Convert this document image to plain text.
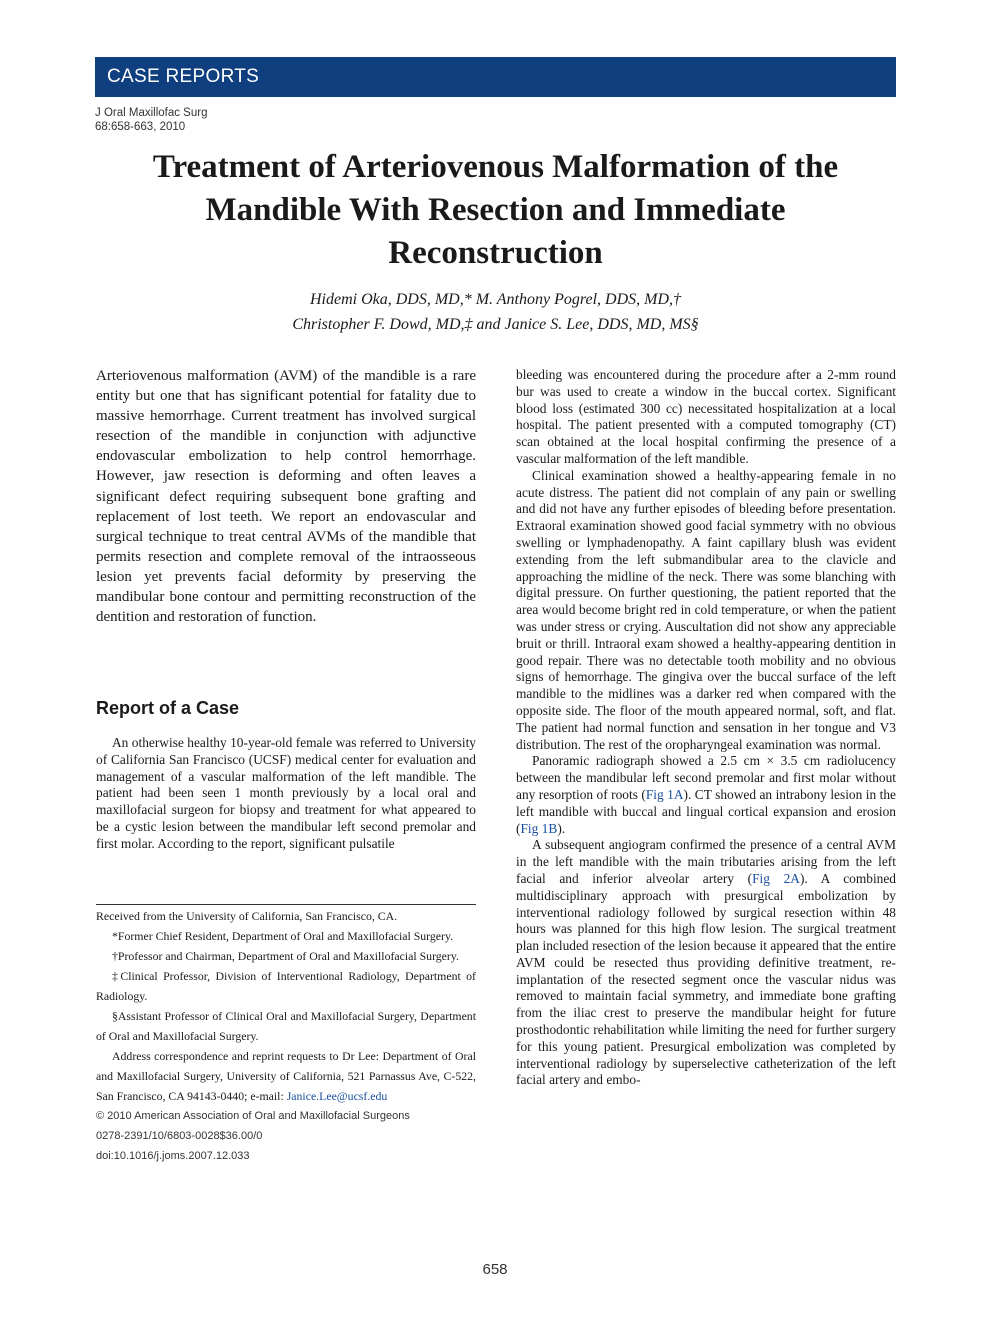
CASE REPORTS
J Oral Maxillofac Surg
68:658-663, 2010
Treatment of Arteriovenous Malformation of the Mandible With Resection and Immediate Reconstruction
Hidemi Oka, DDS, MD,* M. Anthony Pogrel, DDS, MD,†
Christopher F. Dowd, MD,‡ and Janice S. Lee, DDS, MD, MS§

Arteriovenous malformation (AVM) of the mandible is a rare entity but one that has significant potential for fatality due to massive hemorrhage. Current treatment has involved surgical resection of the mandible in conjunction with adjunctive endovascular embolization to help control hemorrhage. However, jaw resection is deforming and often leaves a significant defect requiring subsequent bone grafting and replacement of lost teeth. We report an endovascular and surgical technique to treat central AVMs of the mandible that permits resection and complete removal of the intraosseous lesion yet prevents facial deformity by preserving the mandibular bone contour and permitting reconstruction of the dentition and restoration of function.

Report of a Case

An otherwise healthy 10-year-old female was referred to University of California San Francisco (UCSF) medical center for evaluation and management of a vascular malformation of the left mandible. The patient had been seen 1 month previously by a local oral and maxillofacial surgeon for biopsy and treatment for what appeared to be a cystic lesion between the mandibular left second premolar and first molar. According to the report, significant pulsatile

Received from the University of California, San Francisco, CA.

*Former Chief Resident, Department of Oral and Maxillofacial Surgery.

†Professor and Chairman, Department of Oral and Maxillofacial Surgery.

‡Clinical Professor, Division of Interventional Radiology, Department of Radiology.

§Assistant Professor of Clinical Oral and Maxillofacial Surgery, Department of Oral and Maxillofacial Surgery.

Address correspondence and reprint requests to Dr Lee: Department of Oral and Maxillofacial Surgery, University of California, 521 Parnassus Ave, C-522, San Francisco, CA 94143-0440; e-mail: Janice.Lee@ucsf.edu

© 2010 American Association of Oral and Maxillofacial Surgeons

0278-2391/10/6803-0028$36.00/0

doi:10.1016/j.joms.2007.12.033

bleeding was encountered during the procedure after a 2-mm round bur was used to create a window in the buccal cortex. Significant blood loss (estimated 300 cc) necessitated hospitalization at a local hospital. The patient presented with a computed tomography (CT) scan obtained at the local hospital confirming the presence of a vascular malformation of the left mandible.

Clinical examination showed a healthy-appearing female in no acute distress. The patient did not complain of any pain or swelling and did not have any further episodes of bleeding before presentation. Extraoral examination showed good facial symmetry with no obvious swelling or lymphadenopathy. A faint capillary blush was evident extending from the left submandibular area to the clavicle and approaching the midline of the neck. There was some blanching with digital pressure. On further questioning, the patient reported that the area would become bright red in cold temperature, or when the patient was under stress or crying. Auscultation did not show any appreciable bruit or thrill. Intraoral exam showed a healthy-appearing dentition in good repair. There was no detectable tooth mobility and no obvious signs of hemorrhage. The gingiva over the buccal surface of the left mandible to the midlines was a darker red when compared with the opposite side. The floor of the mouth appeared normal, soft, and flat. The patient had normal function and sensation in her tongue and V3 distribution. The rest of the oropharyngeal examination was normal.

Panoramic radiograph showed a 2.5 cm × 3.5 cm radiolucency between the mandibular left second premolar and first molar without any resorption of roots (Fig 1A). CT showed an intrabony lesion in the left mandible with buccal and lingual cortical expansion and erosion (Fig 1B).

A subsequent angiogram confirmed the presence of a central AVM in the left mandible with the main tributaries arising from the left facial and inferior alveolar artery (Fig 2A). A combined multidisciplinary approach with presurgical embolization by interventional radiology followed by surgical resection within 48 hours was planned for this high flow lesion. The surgical treatment plan included resection of the lesion because it appeared that the entire AVM could be resected thus providing definitive treatment, re-implantation of the resected segment once the vascular nidus was removed to maintain facial symmetry, and immediate bone grafting from the iliac crest to preserve the mandibular height for future prosthodontic rehabilitation while limiting the need for further surgery for this young patient. Presurgical embolization was completed by interventional radiology by superselective catheterization of the left facial artery and embo-

658
